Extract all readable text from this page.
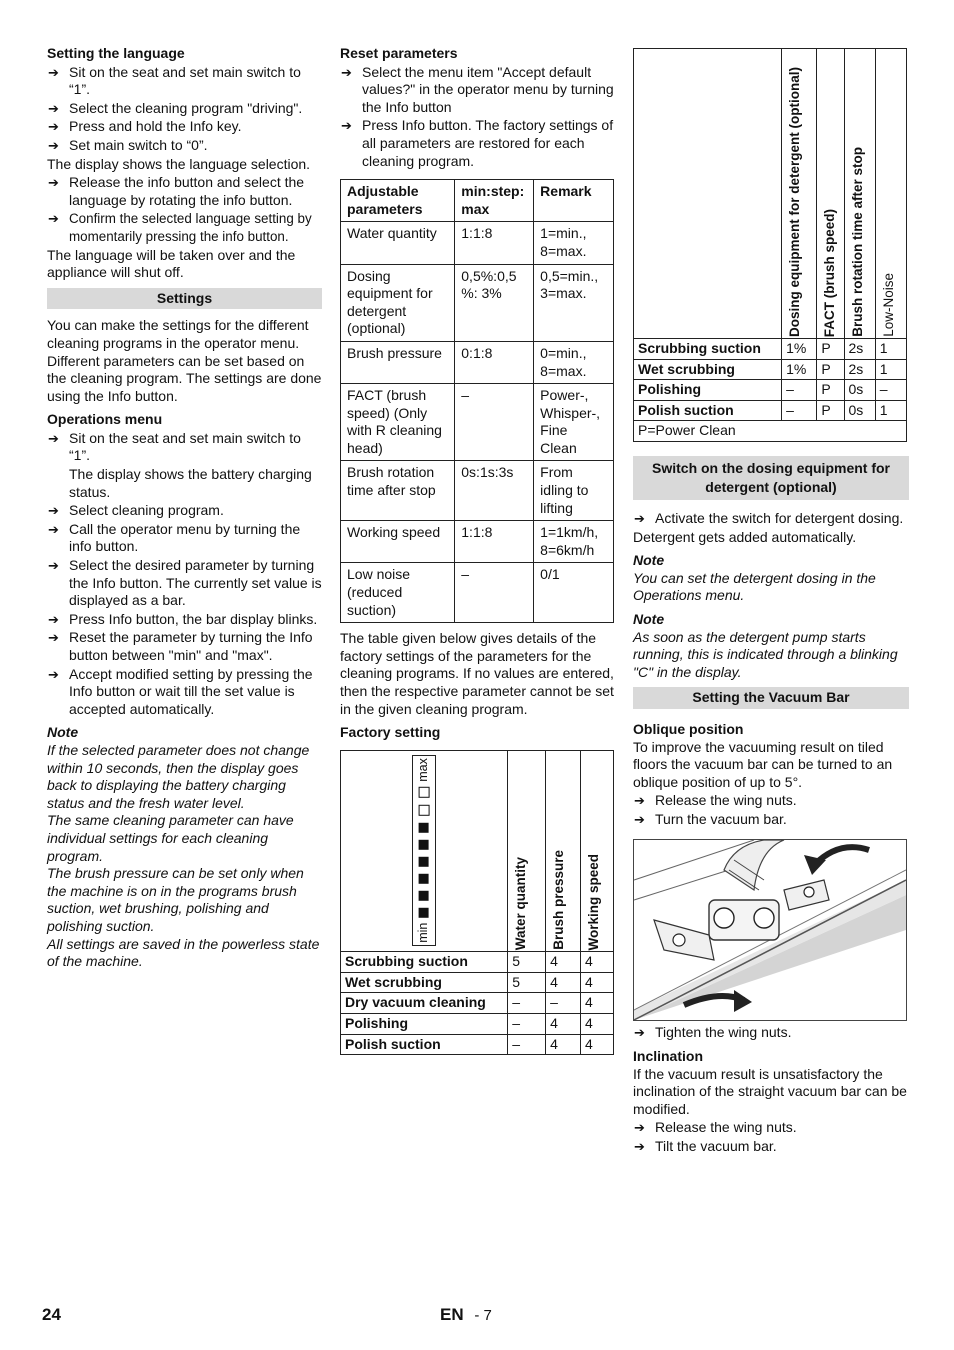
Setting the language

➔ Sit on the seat and set main switch to “1”.
➔ Select the cleaning program "driving".
➔ Press and hold the Info key.
➔ Set main switch to “0”.

The display shows the language selection.

➔ Release the info button and select the language by rotating the info button.
➔ Confirm the selected language setting by momentarily pressing the info button.

The language will be taken over and the appliance will shut off.

Settings

You can make the settings for the different cleaning programs in the operator menu. Different parameters can be set based on the cleaning program. The settings are done using the Info button.

Operations menu

➔ Sit on the seat and set main switch to “1”.

The display shows the battery charging status.

➔ Select cleaning program.
➔ Call the operator menu by turning the info button.
➔ Select the desired parameter by turning the Info button. The currently set value is displayed as a bar.
➔ Press Info button, the bar display blinks.
➔ Reset the parameter by turning the Info button between "min" and "max".
➔ Accept modified setting by pressing the Info button or wait till the set value is accepted automatically.

Note

If the selected parameter does not change within 10 seconds, then the display goes back to displaying the battery charging status and the fresh water level.

The same cleaning parameter can have individual settings for each cleaning program.

The brush pressure can be set only when the machine is on in the programs brush suction, wet brushing, polishing and polishing suction.

All settings are saved in the powerless state of the machine.

Reset parameters

➔ Select the menu item "Accept default values?" in the operator menu by turning the Info button
➔ Press Info button. The factory settings of all parameters are restored for each cleaning program.
Adjustable parameters	min:step: max	Remark
Water quantity	1:1:8	1=min., 8=max.
Dosing equipment for detergent (optional)	0,5%:0,5 %: 3%	0,5=min., 3=max.
Brush pressure	0:1:8	0=min., 8=max.
FACT (brush speed) (Only with R cleaning head)	–	Power-, Whisper-, Fine Clean
Brush rotation time after stop	0s:1s:3s	From idling to lifting
Working speed	1:1:8	1=1km/h, 8=6km/h
Low noise (reduced suction)	–	0/1

The table given below gives details of the factory settings of the parameters for the cleaning programs. If no values are entered, then the respective parameter cannot be set in the given cleaning program.

Factory setting

min
max	Water quantity	Brush pressure	Working speed

Scrubbing suction	5	4	4
Wet scrubbing	5	4	4
Dry vacuum cleaning	–	–	4
Polishing	–	4	4
Polish suction	–	4	4

	Dosing equipment for detergent (optional)	FACT (brush speed)	Brush rotation time after stop	Low-Noise

Scrubbing suction	1%	P	2s	1
Wet scrubbing	1%	P	2s	1
Polishing	–	P	0s	–
Polish suction	–	P	0s	1
P=Power Clean				
Switch on the dosing equipment for detergent (optional)
➔ Activate the switch for detergent dosing.

Detergent gets added automatically.

Note

You can set the detergent dosing in the Operations menu.

Note

As soon as the detergent pump starts running, this is indicated through a blinking "C" in the display.

Setting the Vacuum Bar

Oblique position

To improve the vacuuming result on tiled floors the vacuum bar can be turned to an oblique position of up to 5°.

➔ Release the wing nuts.
➔ Turn the vacuum bar.
➔ Tighten the wing nuts.

Inclination

If the vacuum result is unsatisfactory the inclination of the straight vacuum bar can be modified.

➔ Release the wing nuts.
➔ Tilt the vacuum bar.
24	EN - 7
